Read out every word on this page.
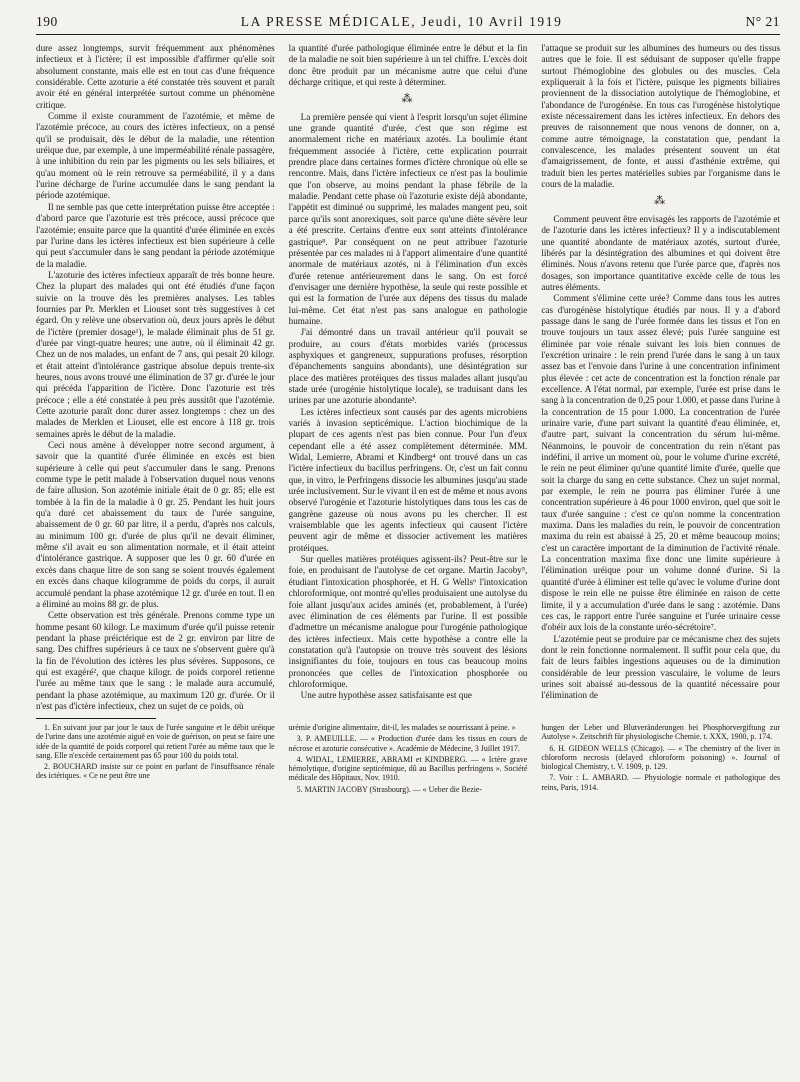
190	LA PRESSE MÉDICALE, Jeudi, 10 Avril 1919	N° 21

dure assez longtemps, survit fréquemment aux phénomènes infectieux et à l'ictère; il est impossible d'affirmer qu'elle soit absolument constante, mais elle est en tout cas d'une fréquence considérable. Cette azoturie a été constatée très souvent et paraît avoir été en général interprétée surtout comme un phénomène critique.

Comme il existe couramment de l'azotémie, et même de l'azotémie précoce, au cours des ictères infectieux, on a pensé qu'il se produisait, dès le début de la maladie, une rétention uréique due, par exemple, à une imperméabilité rénale passagère, à une inhibition du rein par les pigments ou les sels biliaires, et qu'au moment où le rein retrouve sa perméabilité, il y a dans l'urine décharge de l'urine accumulée dans le sang pendant la période azotémique.

Il ne semble pas que cette interprétation puisse être acceptée : d'abord parce que l'azoturie est très précoce, aussi précoce que l'azotémie; ensuite parce que la quantité d'urée éliminée en excès par l'urine dans les ictères infectieux est bien supérieure à celle qui peut s'accumuler dans le sang pendant la période azotémique de la maladie.

L'azoturie des ictères infectieux apparaît de très bonne heure. Chez la plupart des malades qui ont été étudiés d'une façon suivie on la trouve dès les premières analyses. Les tables fournies par Pr. Merklen et Liouset sont très suggestives à cet égard. On y relève une observation où, deux jours après le début de l'ictère (premier dosage¹), le malade éliminait plus de 51 gr. d'urée par vingt-quatre heures; une autre, où il éliminait 42 gr. Chez un de nos malades, un enfant de 7 ans, qui pesait 20 kilogr. et était atteint d'intolérance gastrique absolue depuis trente-six heures, nous avons trouvé une élimination de 37 gr. d'urée le jour qui précéda l'apparition de l'ictère. Donc l'azoturie est très précoce ; elle a été constatée à peu près aussitôt que l'azotémie. Cette azoturie paraît donc durer assez longtemps : chez un des malades de Merklen et Liouset, elle est encore à 118 gr. trois semaines après le début de la maladie.

Ceci nous amène à développer notre second argument, à savoir que la quantité d'urée éliminée en excès est bien supérieure à celle qui peut s'accumuler dans le sang. Prenons comme type le petit malade à l'observation duquel nous venons de faire allusion. Son azotémie initiale était de 0 gr. 85; elle est tombée à la fin de la maladie à 0 gr. 25. Pendant les huit jours qu'a duré cet abaissement du taux de l'urée sanguine, abaissement de 0 gr. 60 par litre, il a perdu, d'après nos calculs, au minimum 100 gr. d'urée de plus qu'il ne devait éliminer, même s'il avait eu son alimentation normale, et il était atteint d'intolérance gastrique. A supposer que les 0 gr. 60 d'urée en excès dans chaque litre de son sang se soient trouvés également en excès dans chaque kilogramme de poids du corps, il aurait accumulé pendant la phase azotémique 12 gr. d'urée en tout. Il en a éliminé au moins 88 gr. de plus.

Cette observation est très générale. Prenons comme type un homme pesant 60 kilogr. Le maximum d'urée qu'il puisse retenir pendant la phase préictérique est de 2 gr. environ par litre de sang. Des chiffres supérieurs à ce taux ne s'observent guère qu'à la fin de l'évolution des ictères les plus sévères. Supposons, ce qui est exagéré², que chaque kilogr. de poids corporel retienne l'urée au même taux que le sang : le malade aura accumulé, pendant la phase azotémique, au maximum 120 gr. d'urée. Or il n'est pas d'ictère infectieux, chez un sujet de ce poids, où

la quantité d'urée pathologique éliminée entre le début et la fin de la maladie ne soit bien supérieure à un tel chiffre. L'excès doit donc être produit par un mécanisme autre que celui d'une décharge critique, et qui reste à déterminer.

⁂

La première pensée qui vient à l'esprit lorsqu'un sujet élimine une grande quantité d'urée, c'est que son régime est anormalement riche en matériaux azotés. La boulimie étant fréquemment associée à l'ictère, cette explication pourrait prendre place dans certaines formes d'ictère chronique où elle se rencontre. Mais, dans l'ictère infectieux ce n'est pas la boulimie que l'on observe, au moins pendant la phase fébrile de la maladie. Pendant cette phase où l'azoturie existe déjà abondante, l'appétit est diminué ou supprimé, les malades mangent peu, soit parce qu'ils sont anorexiques, soit parce qu'une diète sévère leur a été prescrite. Certains d'entre eux sont atteints d'intolérance gastrique⁸. Par conséquent on ne peut attribuer l'azoturie présentée par ces malades ni à l'apport alimentaire d'une quantité anormale de matériaux azotés, ni à l'élimination d'un excès d'urée retenue antérieurement dans le sang. On est forcé d'envisager une dernière hypothèse, la seule qui reste possible et qui est la formation de l'urée aux dépens des tissus du malade lui-même. Cet état n'est pas sans analogue en pathologie humaine.

J'ai démontré dans un travail antérieur qu'il pouvait se produire, au cours d'états morbides variés (processus asphyxiques et gangreneux, suppurations profuses, résorption d'épanchements sanguins abondants), une désintégration sur place des matières protéiques des tissus malades allant jusqu'au stade urée (urogénie histolytique locale), se traduisant dans les urines par une azoturie abondante³.

Les ictères infectieux sont causés par des agents microbiens variés à invasion septicémique. L'action biochimique de la plupart de ces agents n'est pas bien connue. Pour l'un d'eux cependant elle a été assez complètement déterminée. MM. Widal, Lemierre, Abrami et Kindberg⁴ ont trouvé dans un cas l'ictère infectieux du bacillus perfringens. Or, c'est un fait connu que, in vitro, le Perfringens dissocie les albumines jusqu'au stade urée inclusivement. Sur le vivant il en est de même et nous avons observé l'urogénie et l'azoturie histolytiques dans tous les cas de gangrène gazeuse où nous avons pu les chercher. Il est vraisemblable que les agents infectieux qui causent l'ictère peuvent agir de même et dissocier activement les matières protéiques.

Sur quelles matières protéiques agissent-ils? Peut-être sur le foie, en produisant de l'autolyse de cet organe. Martin Jacoby⁵, étudiant l'intoxication phosphorée, et H. G Wells⁶ l'intoxication chloroformique, ont montré qu'elles produisaient une autolyse du foie allant jusqu'aux acides aminés (et, probablement, à l'urée) avec élimination de ces éléments par l'urine. Il est possible d'admettre un mécanisme analogue pour l'urogénie pathologique des ictères infectieux. Mais cette hypothèse a contre elle la constatation qu'à l'autopsie on trouve très souvent des lésions insignifiantes du foie, toujours en tous cas beaucoup moins prononcées que celles de l'intoxication phosphorée ou chloroformique.

Une autre hypothèse assez satisfaisante est que

l'attaque se produit sur les albumines des humeurs ou des tissus autres que le foie. Il est séduisant de supposer qu'elle frappe surtout l'hémoglobine des globules ou des muscles. Cela expliquerait à la fois et l'ictère, puisque les pigments biliaires proviennent de la dissociation autolytique de l'hémoglobine, et l'abondance de l'urogénèse. En tous cas l'urogénèse histolytique existe nécessairement dans les ictères infectieux. En dehors des preuves de raisonnement que nous venons de donner, on a, comme autre témoignage, la constatation que, pendant la convalescence, les malades présentent souvent un état d'amaigrissement, de fonte, et aussi d'asthénie extrême, qui traduit bien les pertes matérielles subies par l'organisme dans le cours de la maladie.

⁂

Comment peuvent être envisagés les rapports de l'azotémie et de l'azoturie dans les ictères infectieux? Il y a indiscutablement une quantité abondante de matériaux azotés, surtout d'urée, libérés par la désintégration des albumines et qui doivent être éliminés. Nous n'avons retenu que l'urée parce que, d'après nos dosages, son importance quantitative excède celle de tous les autres éléments.

Comment s'élimine cette urée? Comme dans tous les autres cas d'urogénèse histolytique étudiés par nous. Il y a d'abord passage dans le sang de l'urée formée dans les tissus et l'on en trouve toujours un taux assez élevé; puis l'urée sanguine est éliminée par voie rénale suivant les lois bien connues de l'excrétion urinaire : le rein prend l'urée dans le sang à un taux assez bas et l'envoie dans l'urine à une concentration infiniment plus élevée : cet acte de concentration est la fonction rénale par excellence. A l'état normal, par exemple, l'urée est prise dans le sang à la concentration de 0,25 pour 1.000, et passe dans l'urine à la concentration de 15 pour 1.000. La concentration de l'urée urinaire varie, d'une part suivant la quantité d'eau éliminée, et, d'autre part, suivant la concentration du sérum lui-même. Néanmoins, le pouvoir de concentration du rein n'étant pas indéfini, il arrive un moment où, pour le volume d'urine excrété, le rein ne peut éliminer qu'une quantité limite d'urée, quelle que soit la charge du sang en cette substance. Chez un sujet normal, par exemple, le rein ne pourra pas éliminer l'urée à une concentration supérieure à 46 pour 1000 environ, quel que soit le taux d'urée sanguine : c'est ce qu'on nomme la concentration maxima. Dans les maladies du rein, le pouvoir de concentration maxima du rein est abaissé à 25, 20 et même beaucoup moins; c'est un caractère important de la diminution de l'activité rénale. La concentration maxima fixe donc une limite supérieure à l'élimination uréique pour un volume donné d'urine. Si la quantité d'urée à éliminer est telle qu'avec le volume d'urine dont dispose le rein elle ne puisse être éliminée en raison de cette limite, il y a accumulation d'urée dans le sang : azotémie. Dans ces cas, le rapport entre l'urée sanguine et l'urée urinaire cesse d'obéir aux lois de la constante uréo-sécrétoire⁷.

L'azotémie peut se produire par ce mécanisme chez des sujets dont le rein fonctionne normalement. Il suffit pour cela que, du fait de leurs faibles ingestions aqueuses ou de la diminution considérable de leur pression vasculaire, le volume de leurs urines soit abaissé au-dessous de la quantité nécessaire pour l'élimination de

1. En suivant jour par jour le taux de l'urée sanguine et le débit uréique de l'urine dans une azotémie aiguë en voie de guérison, on peut se faire une idée de la quantité de poids corporel qui retient l'urée au même taux que le sang. Elle n'excède certainement pas 65 pour 100 du poids total.

2. BOUCHARD insiste sur ce point en parlant de l'insuffisance rénale des ictériques. « Ce ne peut être une

urémie d'origine alimentaire, dit-il, les malades se nourrissant à peine. »

3. P. AMEUILLE. — « Production d'urée dans les tissus en cours de nécrose et azoturie consécutive ». Académie de Médecine, 3 Juillet 1917.

4. WIDAL, LEMIERRE, ABRAMI et KINDBERG. — « Ictère grave hémolytique, d'origine septicémique, dû au Bacillus perfringens ». Société médicale des Hôpitaux, Nov. 1910.

5. MARTIN JACOBY (Strasbourg). — « Ueber die Bezie-

hungen der Leber und Blutveränderungen bei Phosphorvergiftung zur Autolyse ». Zeitschrift für physiologische Chemie. t. XXX, 1900, p. 174.

6. H. GIDEON WELLS (Chicago). — « The chemistry of the liver in chloroform necrosis (delayed chloroform poisoning) ». Journal of biological Chemistry, t. V. 1909, p. 129.

7. Voir : L. AMBARD. — Physiologie normale et pathologique des reins, Paris, 1914.
